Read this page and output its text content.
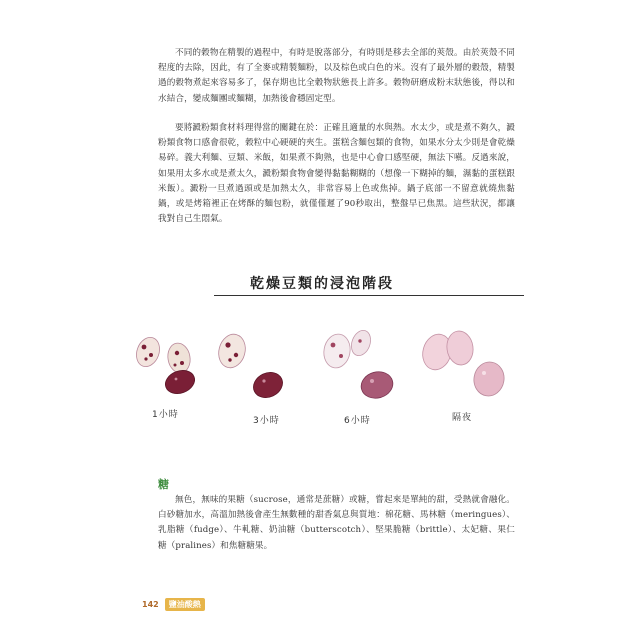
不同的穀物在精製的過程中，有時是脫落部分，有時則是移去全部的莢殼。由於莢殼不同程度的去除，因此，有了全麥或精製麵粉，以及棕色或白色的米。沒有了最外層的穀殼，精製過的穀物煮起來容易多了，保存期也比全穀物狀態長上許多。穀物研磨成粉末狀態後，得以和水結合，變成麵團或麵糊，加熱後會穩固定型。

要將澱粉類食材料理得當的關鍵在於：正確且適量的水與熱。水太少，或是煮不夠久，澱粉類食物口感會很乾，穀粒中心硬硬的夾生。蛋糕含麵包類的食物，如果水分太少則是會乾燥易碎。義大利麵、豆類、米飯，如果煮不夠熟，也是中心會口感堅硬，無法下嚥。反過來說，如果用太多水或是煮太久，澱粉類食物會變得黏黏糊糊的（想像一下糊掉的麵，濕黏的蛋糕跟米飯）。澱粉一旦煮過頭或是加熱太久，非常容易上色或焦掉。鍋子底部一不留意就燒焦黏鍋，或是烤箱裡正在烤酥的麵包粉，就僅僅遲了90秒取出，整盤早已焦黑。這些狀況，都讓我對自己生悶氣。

乾燥豆類的浸泡階段
1小時
3小時	6小時	隔夜
糖

無色，無味的果糖（sucrose，通常是蔗糖）或糖，嘗起來是單純的甜，受熱就會融化。白砂糖加水，高溫加熱後會產生無數種的甜香氣息與質地：棉花糖、馬林糖（meringues）、乳脂糖（fudge）、牛軋糖、奶油糖（butterscotch）、堅果脆糖（brittle）、太妃糖、果仁糖（pralines）和焦糖糖果。

142	鹽油酸熱
